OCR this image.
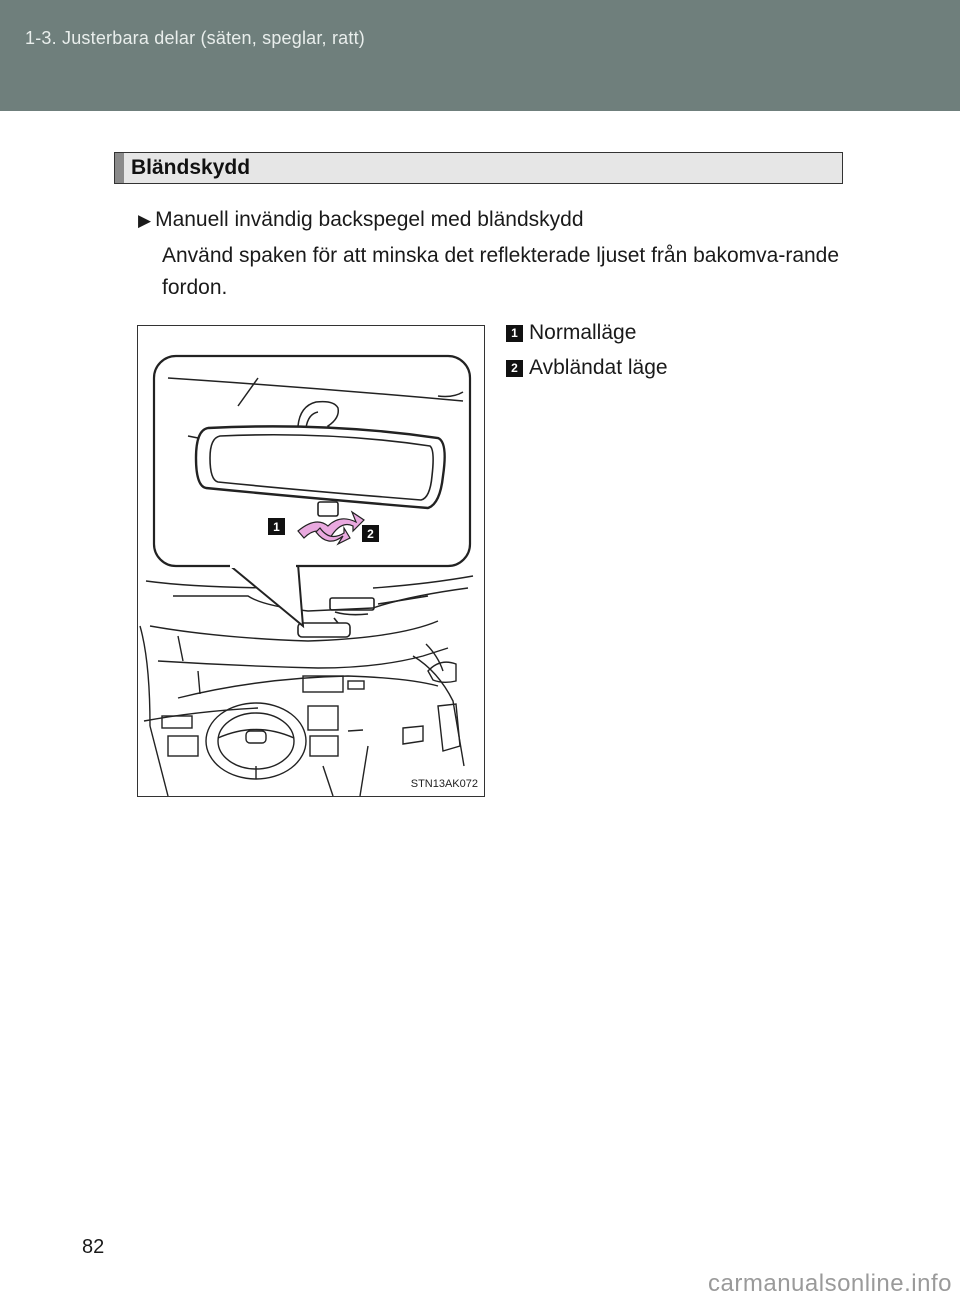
1-3. Justerbara delar (säten, speglar, ratt)
Bländskydd
▶ Manuell invändig backspegel med bländskydd
Använd spaken för att minska det reflekterade ljuset från bakomva-rande fordon.
1	2
STN13AK072
1 Normalläge
2 Avbländat läge
82
carmanualsonline.info
